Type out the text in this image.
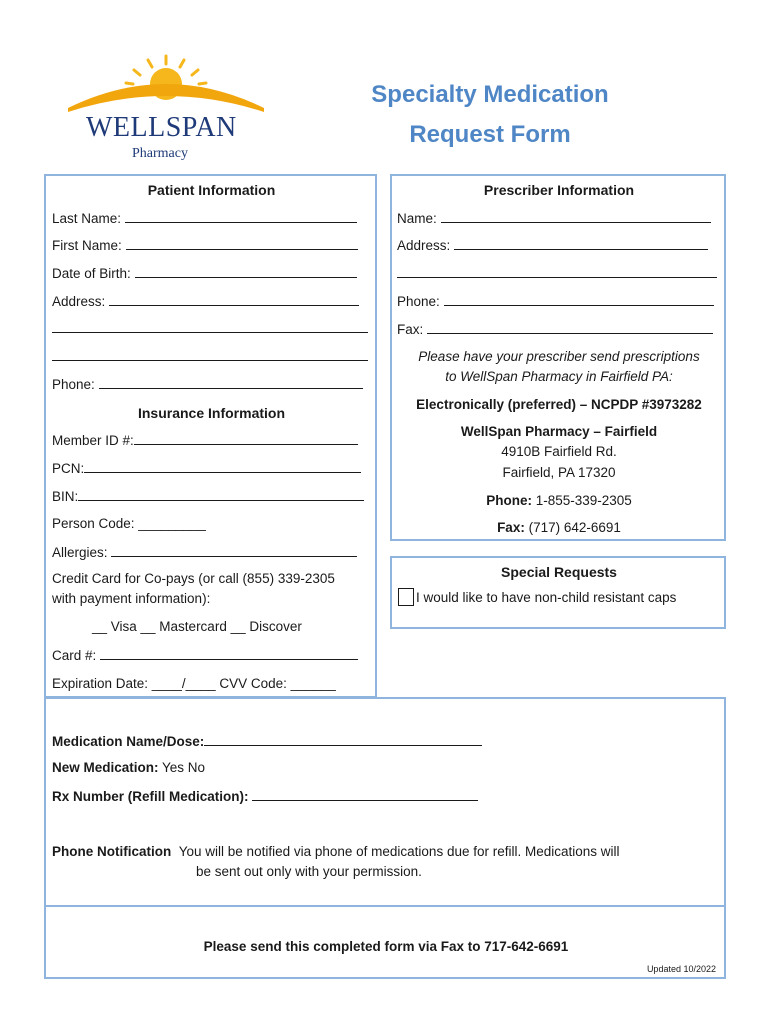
WELLSPAN
Pharmacy
Specialty Medication
Request Form
Patient Information
Last Name:
First Name:
Date of Birth:
Address:
Phone:
Insurance Information
Member ID #:
PCN:
BIN:
Person Code: _________
Allergies:
Credit Card for Co-pays (or call (855) 339-2305
with payment information):
__ Visa __ Mastercard __ Discover
Card #:
Expiration Date: ____/____ CVV Code: ______
Prescriber Information
Name:
Address:
Phone:
Fax:
Please have your prescriber send prescriptions
to WellSpan Pharmacy in Fairfield PA:
Electronically (preferred) – NCPDP #3973282
WellSpan Pharmacy – Fairfield
4910B Fairfield Rd.
Fairfield, PA 17320
Phone: 1-855-339-2305
Fax: (717) 642-6691
Special Requests
I would like to have non-child resistant caps
Medication Name/Dose:
New Medication: Yes No
Rx Number (Refill Medication):
Phone Notification You will be notified via phone of medications due for refill. Medications will
be sent out only with your permission.
Please send this completed form via Fax to 717-642-6691
Updated 10/2022
